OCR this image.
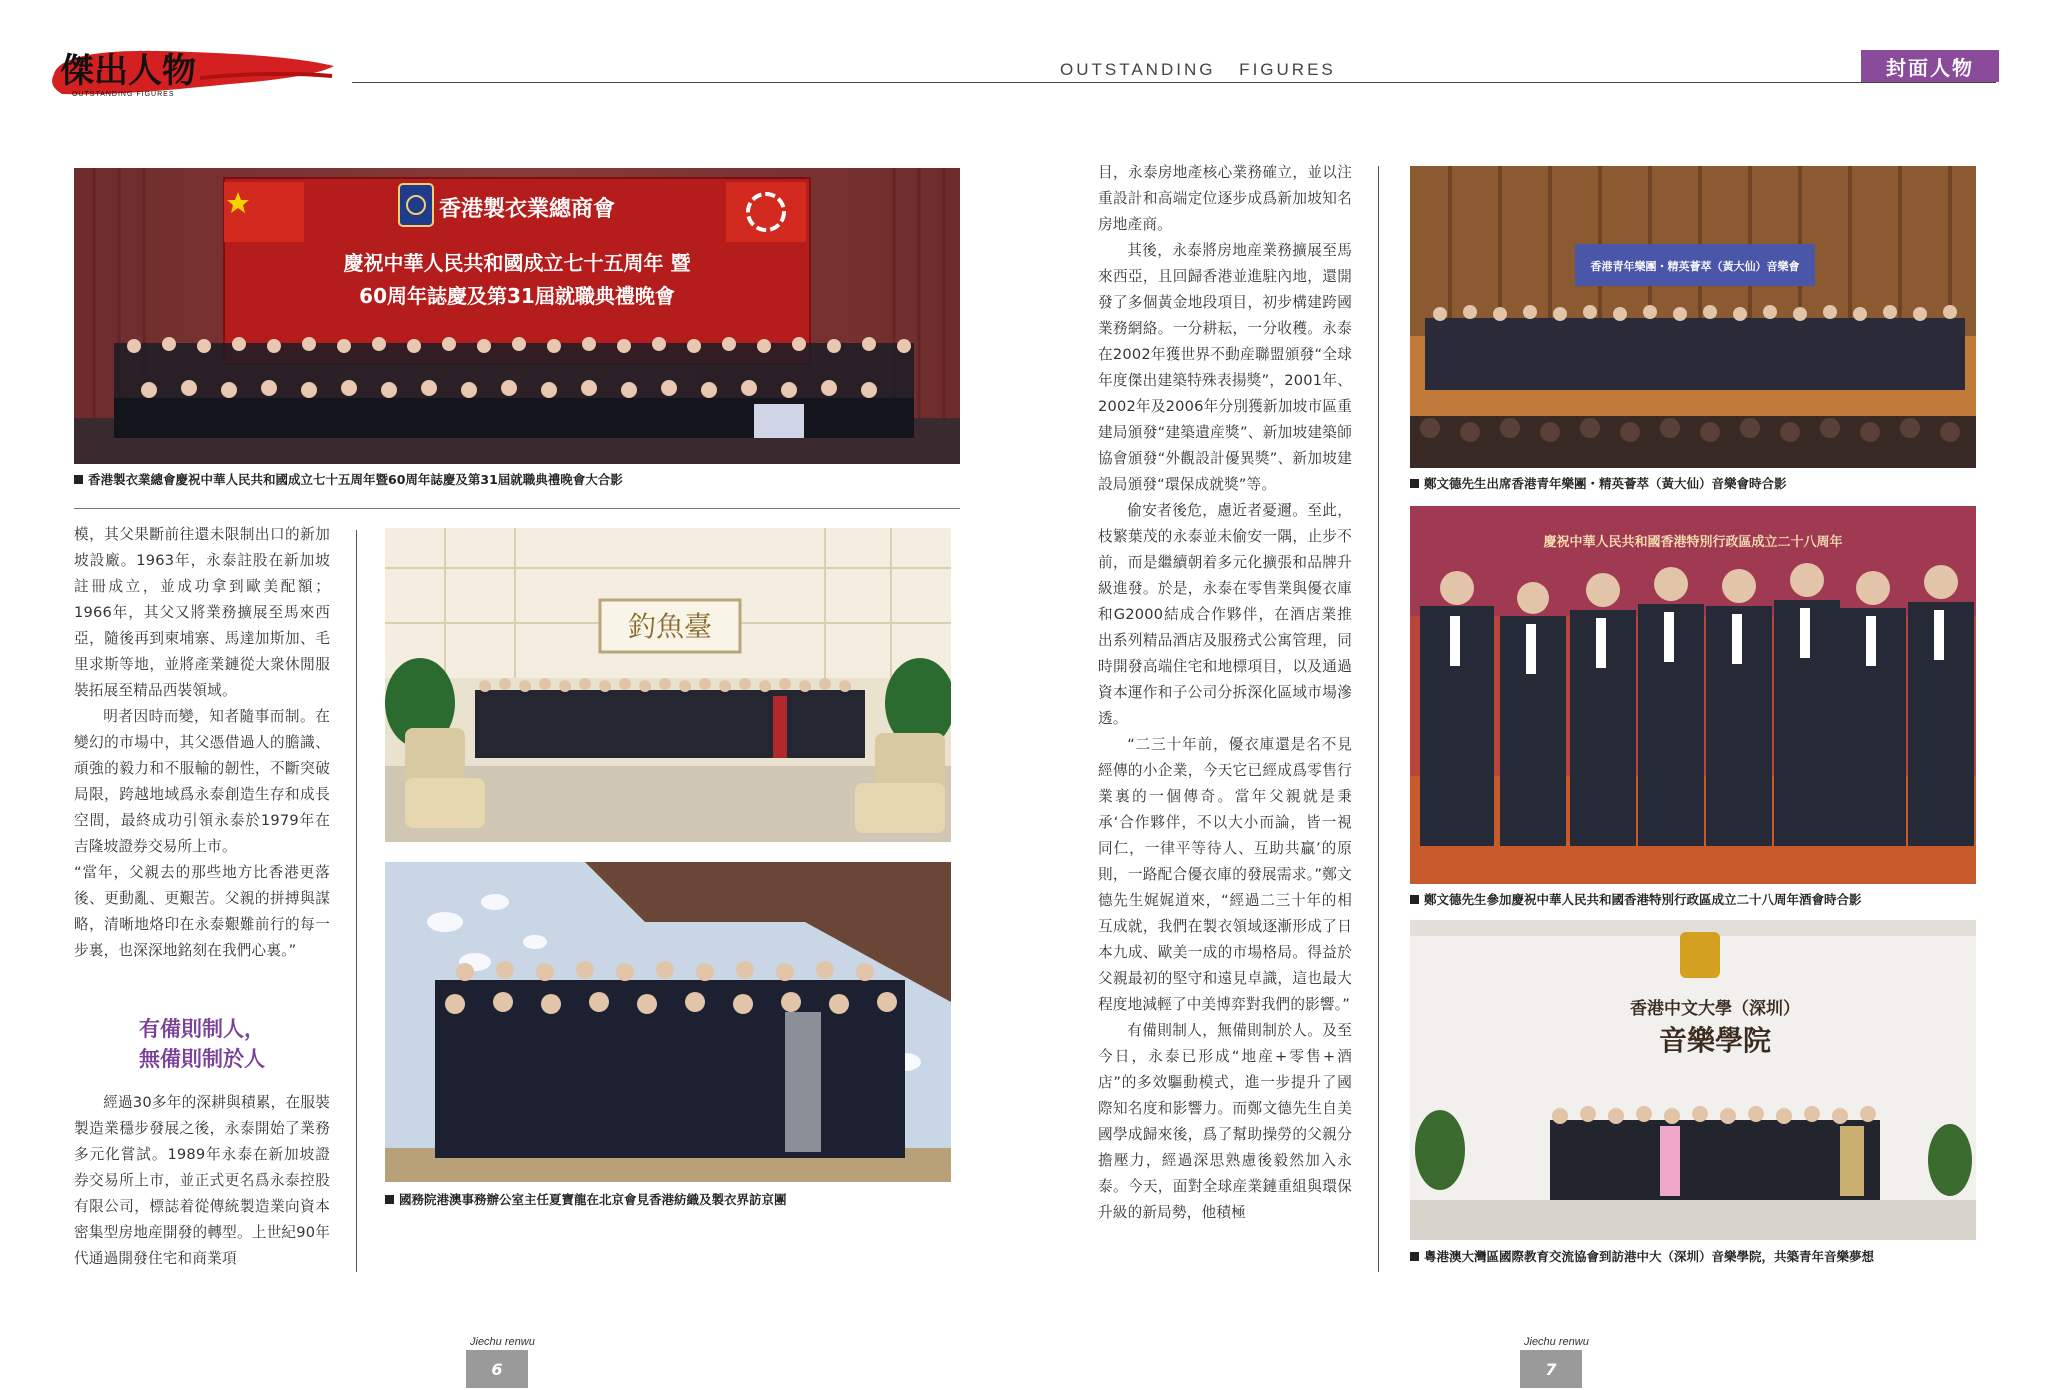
傑出人物
OUTSTANDING FIGURES
OUTSTANDING FIGURES	封面人物
香港製衣業總商會
慶祝中華人民共和國成立七十五周年 暨
60周年誌慶及第31屆就職典禮晚會
香港製衣業總會慶祝中華人民共和國成立七十五周年暨60周年誌慶及第31屆就職典禮晚會大合影

模，其父果斷前往還未限制出口的新加坡設廠。1963年，永泰註股在新加坡註冊成立，並成功拿到歐美配額；1966年，其父又將業務擴展至馬來西亞，隨後再到柬埔寨、馬達加斯加、毛里求斯等地，並將產業鏈從大衆休閒服裝拓展至精品西裝領域。

明者因時而變，知者隨事而制。在變幻的市場中，其父憑借過人的膽識、頑強的毅力和不服輸的韌性，不斷突破局限，跨越地域爲永泰創造生存和成長空間，最終成功引領永泰於1979年在吉隆坡證券交易所上市。

“當年，父親去的那些地方比香港更落後、更動亂、更艱苦。父親的拼搏與謀略，清晰地烙印在永泰艱難前行的每一步裏，也深深地銘刻在我們心裏。”

有備則制人，
無備則制於人

經過30多年的深耕與積累，在服裝製造業穩步發展之後，永泰開始了業務多元化嘗試。1989年永泰在新加坡證券交易所上市，並正式更名爲永泰控股有限公司，標誌着從傳統製造業向資本密集型房地産開發的轉型。上世紀90年代通過開發住宅和商業項

釣魚臺
國務院港澳事務辦公室主任夏寶龍在北京會見香港紡織及製衣界訪京團
Jiechu renwu
6

目，永泰房地產核心業務確立，並以注重設計和高端定位逐步成爲新加坡知名房地產商。

其後，永泰將房地産業務擴展至馬來西亞，且回歸香港並進駐內地，還開發了多個黃金地段項目，初步構建跨國業務網絡。一分耕耘，一分收穫。永泰在2002年獲世界不動産聯盟頒發“全球年度傑出建築特殊表揚獎”，2001年、2002年及2006年分別獲新加坡市區重建局頒發“建築遺産獎”、新加坡建築師協會頒發“外觀設計優異獎”、新加坡建設局頒發“環保成就獎”等。

偷安者後危，慮近者憂邇。至此，枝繁葉茂的永泰並未偷安一隅，止步不前，而是繼續朝着多元化擴張和品牌升級進發。於是，永泰在零售業與優衣庫和G2000結成合作夥伴，在酒店業推出系列精品酒店及服務式公寓管理，同時開發高端住宅和地標項目，以及通過資本運作和子公司分拆深化區域市場滲透。

“二三十年前，優衣庫還是名不見經傳的小企業，今天它已經成爲零售行業裏的一個傳奇。當年父親就是秉承‘合作夥伴，不以大小而論，皆一視同仁，一律平等待人、互助共贏’的原則，一路配合優衣庫的發展需求。”鄭文德先生娓娓道來，“經過二三十年的相互成就，我們在製衣領域逐漸形成了日本九成、歐美一成的市場格局。得益於父親最初的堅守和遠見卓識，這也最大程度地減輕了中美博弈對我們的影響。”

有備則制人，無備則制於人。及至今日，永泰已形成“地産+零售+酒店”的多效驅動模式，進一步提升了國際知名度和影響力。而鄭文德先生自美國學成歸來後，爲了幫助操勞的父親分擔壓力，經過深思熟慮後毅然加入永泰。今天，面對全球産業鏈重組與環保升級的新局勢，他積極

香港青年樂團・精英薈萃（黃大仙）音樂會
鄭文德先生出席香港青年樂團・精英薈萃（黃大仙）音樂會時合影
慶祝中華人民共和國香港特別行政區成立二十八周年
鄭文德先生參加慶祝中華人民共和國香港特別行政區成立二十八周年酒會時合影
香港中文大學（深圳）
音樂學院
粵港澳大灣區國際教育交流協會到訪港中大（深圳）音樂學院，共築青年音樂夢想
Jiechu renwu
7
